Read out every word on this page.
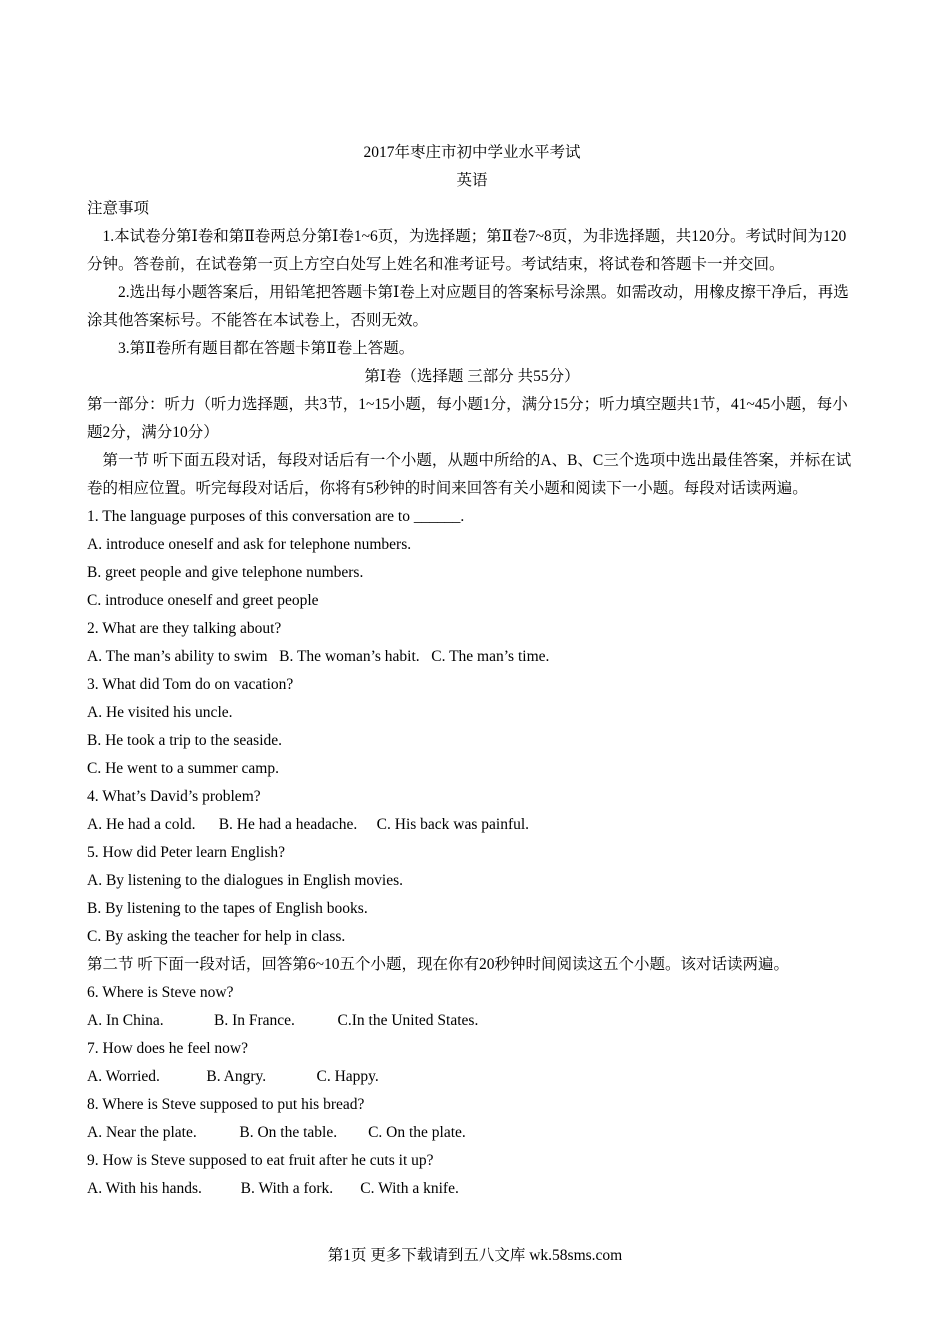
2017年枣庄市初中学业水平考试

英语

注意事项

1.本试卷分第Ⅰ卷和第Ⅱ卷两总分第Ⅰ卷1~6页，为选择题；第Ⅱ卷7~8页，为非选择题，共120分。考试时间为120分钟。答卷前，在试卷第一页上方空白处写上姓名和准考证号。考试结束，将试卷和答题卡一并交回。

2.选出每小题答案后，用铅笔把答题卡第Ⅰ卷上对应题目的答案标号涂黑。如需改动，用橡皮擦干净后，再选涂其他答案标号。不能答在本试卷上，否则无效。

3.第Ⅱ卷所有题目都在答题卡第Ⅱ卷上答题。

第Ⅰ卷（选择题 三部分 共55分）

第一部分：听力（听力选择题，共3节，1~15小题，每小题1分，满分15分；听力填空题共1节，41~45小题，每小题2分，满分10分）

第一节 听下面五段对话，每段对话后有一个小题，从题中所给的A、B、C三个选项中选出最佳答案，并标在试卷的相应位置。听完每段对话后，你将有5秒钟的时间来回答有关小题和阅读下一小题。每段对话读两遍。

1. The language purposes of this conversation are to ______.

A. introduce oneself and ask for telephone numbers.

B. greet people and give telephone numbers.

C. introduce oneself and greet people

2. What are they talking about?

A. The man’s ability to swim   B. The woman’s habit.   C. The man’s time.

3. What did Tom do on vacation?

A. He visited his uncle.

B. He took a trip to the seaside.

C. He went to a summer camp.

4. What’s David’s problem?

A. He had a cold.      B. He had a headache.     C. His back was painful.

5. How did Peter learn English?

A. By listening to the dialogues in English movies.

B. By listening to the tapes of English books.

C. By asking the teacher for help in class.

第二节 听下面一段对话，回答第6~10五个小题，现在你有20秒钟时间阅读这五个小题。该对话读两遍。

6. Where is Steve now?

A. In China.             B. In France.           C.In the United States.

7. How does he feel now?

A. Worried.            B. Angry.             C. Happy.

8. Where is Steve supposed to put his bread?

A. Near the plate.           B. On the table.        C. On the plate.

9. How is Steve supposed to eat fruit after he cuts it up?

A. With his hands.          B. With a fork.       C. With a knife.

第1页 更多下载请到五八文库 wk.58sms.com
